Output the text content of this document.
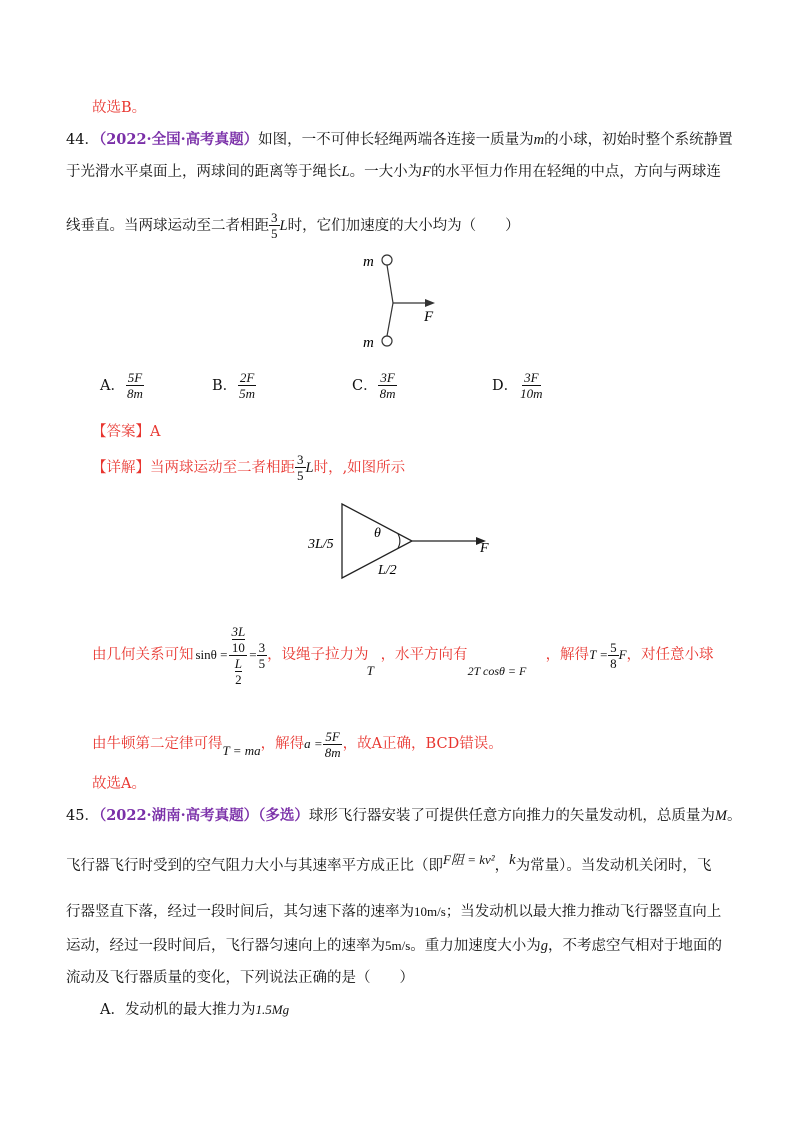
故选B。
44．（2022·全国·高考真题）如图，一不可伸长轻绳两端各连接一质量为m的小球，初始时整个系统静置
于光滑水平桌面上，两球间的距离等于绳长L。一大小为F的水平恒力作用在轻绳的中点，方向与两球连
线垂直。当两球运动至二者相距 $\frac{3}{5}$ L 时，它们加速度的大小均为（　　）
m
m
F
A． $\frac{5F}{8m}$	B． $\frac{2F}{5m}$	C． $\frac{3F}{8m}$	D． $\frac{3F}{10m}$
【答案】A
【详解】当两球运动至二者相距 $\frac{3}{5}$ L 时，,如图所示
3L/5
θ
F
L/2
由几何关系可知 sinθ = 3L
10
L
$2 = \frac{3}{5}$ ，设绳子拉力为
T
，水平方向有
2T cosθ = F
，解得 $T = \frac{5}{8}$ F ，对任意小球
由牛顿第二定律可得 T = ma ，解得 $a = \frac{5F}{8m}$ ，故A正确，BCD错误。
故选A。
45．（2022·湖南·高考真题）（多选）球形飞行器安装了可提供任意方向推力的矢量发动机，总质量为M。
飞行器飞行时受到的空气阻力大小与其速率平方成正比（即 F阻 = kv² ， k 为常量）。当发动机关闭时，飞
行器竖直下落，经过一段时间后，其匀速下落的速率为10m/s；当发动机以最大推力推动飞行器竖直向上
运动，经过一段时间后，飞行器匀速向上的速率为5m/s。重力加速度大小为g，不考虑空气相对于地面的
流动及飞行器质量的变化，下列说法正确的是（　　）
A．发动机的最大推力为1.5Mg
